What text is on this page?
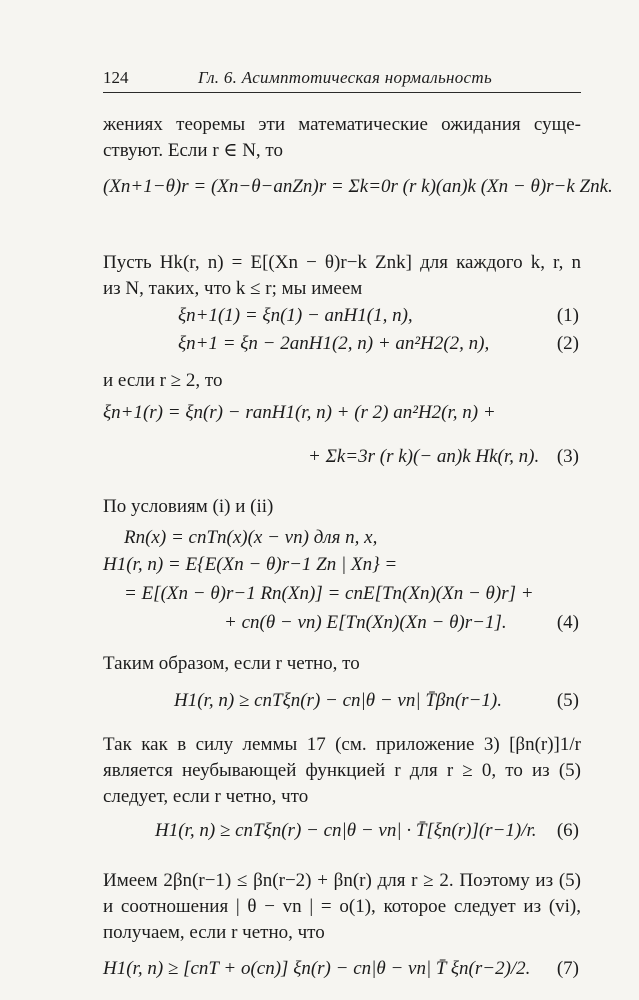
124	Гл. 6. Асимптотическая нормальность
жениях теоремы эти математические ожидания суще-
ствуют. Если r ∈ N, то
(Xn+1−θ)r = (Xn−θ−anZn)r = Σk=0r (r k)(an)k (Xn − θ)r−k Znk.
Пусть Hk(r, n) = E[(Xn − θ)r−k Znk] для каждого k, r, n
из N, таких, что k ≤ r; мы имеем
ξn+1(1) = ξn(1) − anH1(1, n),	(1)
ξn+1 = ξn − 2anH1(2, n) + an²H2(2, n),	(2)
и если r ≥ 2, то
ξn+1(r) = ξn(r) − ranH1(r, n) + (r 2) an²H2(r, n) +
+ Σk=3r (r k)(− an)k Hk(r, n). (3)
По условиям (i) и (ii)
Rn(x) = cnTn(x)(x − vn) для n, x,
H1(r, n) = E{E(Xn − θ)r−1 Zn | Xn} =
= E[(Xn − θ)r−1 Rn(Xn)] = cnE[Tn(Xn)(Xn − θ)r] +
+ cn(θ − vn) E[Tn(Xn)(Xn − θ)r−1].	(4)
Таким образом, если r четно, то
H1(r, n) ≥ cnTξn(r) − cn|θ − vn| T̄βn(r−1).	(5)
Так как в силу леммы 17 (см. приложение 3) [βn(r)]1/r
является неубывающей функцией r для r ≥ 0, то из (5)
следует, если r четно, что
H1(r, n) ≥ cnTξn(r) − cn|θ − vn| · T̄[ξn(r)](r−1)/r. (6)
Имеем 2βn(r−1) ≤ βn(r−2) + βn(r) для r ≥ 2. Поэтому из (5)
и соотношения | θ − vn | = o(1), которое следует из (vi),
получаем, если r четно, что
H1(r, n) ≥ [cnT + o(cn)] ξn(r) − cn|θ − vn| T̄ ξn(r−2)/2. (7)
